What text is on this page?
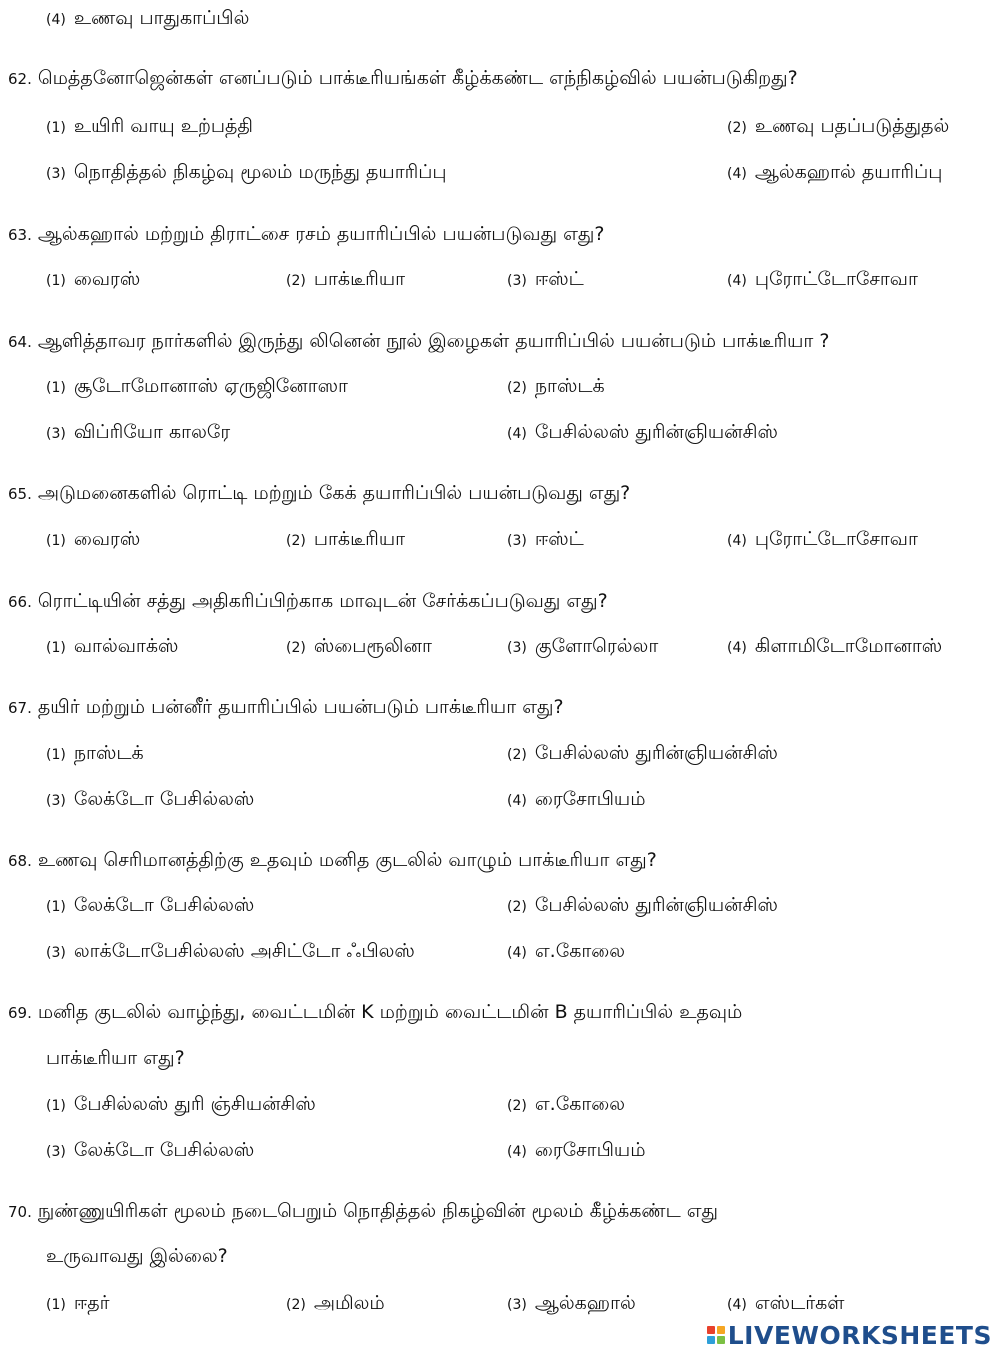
(4) உணவு பாதுகாப்பில்
62. மெத்தனோஜென்கள் எனப்படும் பாக்டீரியங்கள் கீழ்க்கண்ட எந்நிகழ்வில் பயன்படுகிறது?
(1) உயிரி வாயு உற்பத்தி	(2) உணவு பதப்படுத்துதல்
(3) நொதித்தல் நிகழ்வு மூலம் மருந்து தயாரிப்பு	(4) ஆல்கஹால் தயாரிப்பு
63. ஆல்கஹால் மற்றும் திராட்சை ரசம் தயாரிப்பில் பயன்படுவது எது?
(1) வைரஸ்	(2) பாக்டீரியா	(3) ஈஸ்ட்	(4) புரோட்டோசோவா
64. ஆளித்தாவர நார்களில் இருந்து லினென் நூல் இழைகள் தயாரிப்பில் பயன்படும் பாக்டீரியா ?
(1) சூடோமோனாஸ் ஏருஜினோஸா	(2) நாஸ்டக்
(3) விப்ரியோ காலரே	(4) பேசில்லஸ் துரின்ஞியன்சிஸ்
65. அடுமனைகளில் ரொட்டி மற்றும் கேக் தயாரிப்பில் பயன்படுவது எது?
(1) வைரஸ்	(2) பாக்டீரியா	(3) ஈஸ்ட்	(4) புரோட்டோசோவா
66. ரொட்டியின் சத்து அதிகரிப்பிற்காக மாவுடன் சேர்க்கப்படுவது எது?
(1) வால்வாக்ஸ்	(2) ஸ்பைரூலினா	(3) குளோரெல்லா	(4) கிளாமிடோமோனாஸ்
67. தயிர் மற்றும் பன்னீர் தயாரிப்பில் பயன்படும் பாக்டீரியா எது?
(1) நாஸ்டக்	(2) பேசில்லஸ் துரின்ஞியன்சிஸ்
(3) லேக்டோ பேசில்லஸ்	(4) ரைசோபியம்
68. உணவு செரிமானத்திற்கு உதவும் மனித குடலில் வாழும் பாக்டீரியா எது?
(1) லேக்டோ பேசில்லஸ்	(2) பேசில்லஸ் துரின்ஞியன்சிஸ்
(3) லாக்டோபேசில்லஸ் அசிட்டோ ஃபிலஸ்	(4) எ.கோலை
69. மனித குடலில் வாழ்ந்து, வைட்டமின் K மற்றும் வைட்டமின் B தயாரிப்பில் உதவும்
பாக்டீரியா எது?
(1) பேசில்லஸ் துரி ஞ்சியன்சிஸ்	(2) எ.கோலை
(3) லேக்டோ பேசில்லஸ்	(4) ரைசோபியம்
70. நுண்ணுயிரிகள் மூலம் நடைபெறும் நொதித்தல் நிகழ்வின் மூலம் கீழ்க்கண்ட எது
உருவாவது இல்லை?
(1) ஈதர்	(2) அமிலம்	(3) ஆல்கஹால்	(4) எஸ்டர்கள்
LIVEWORKSHEETS
